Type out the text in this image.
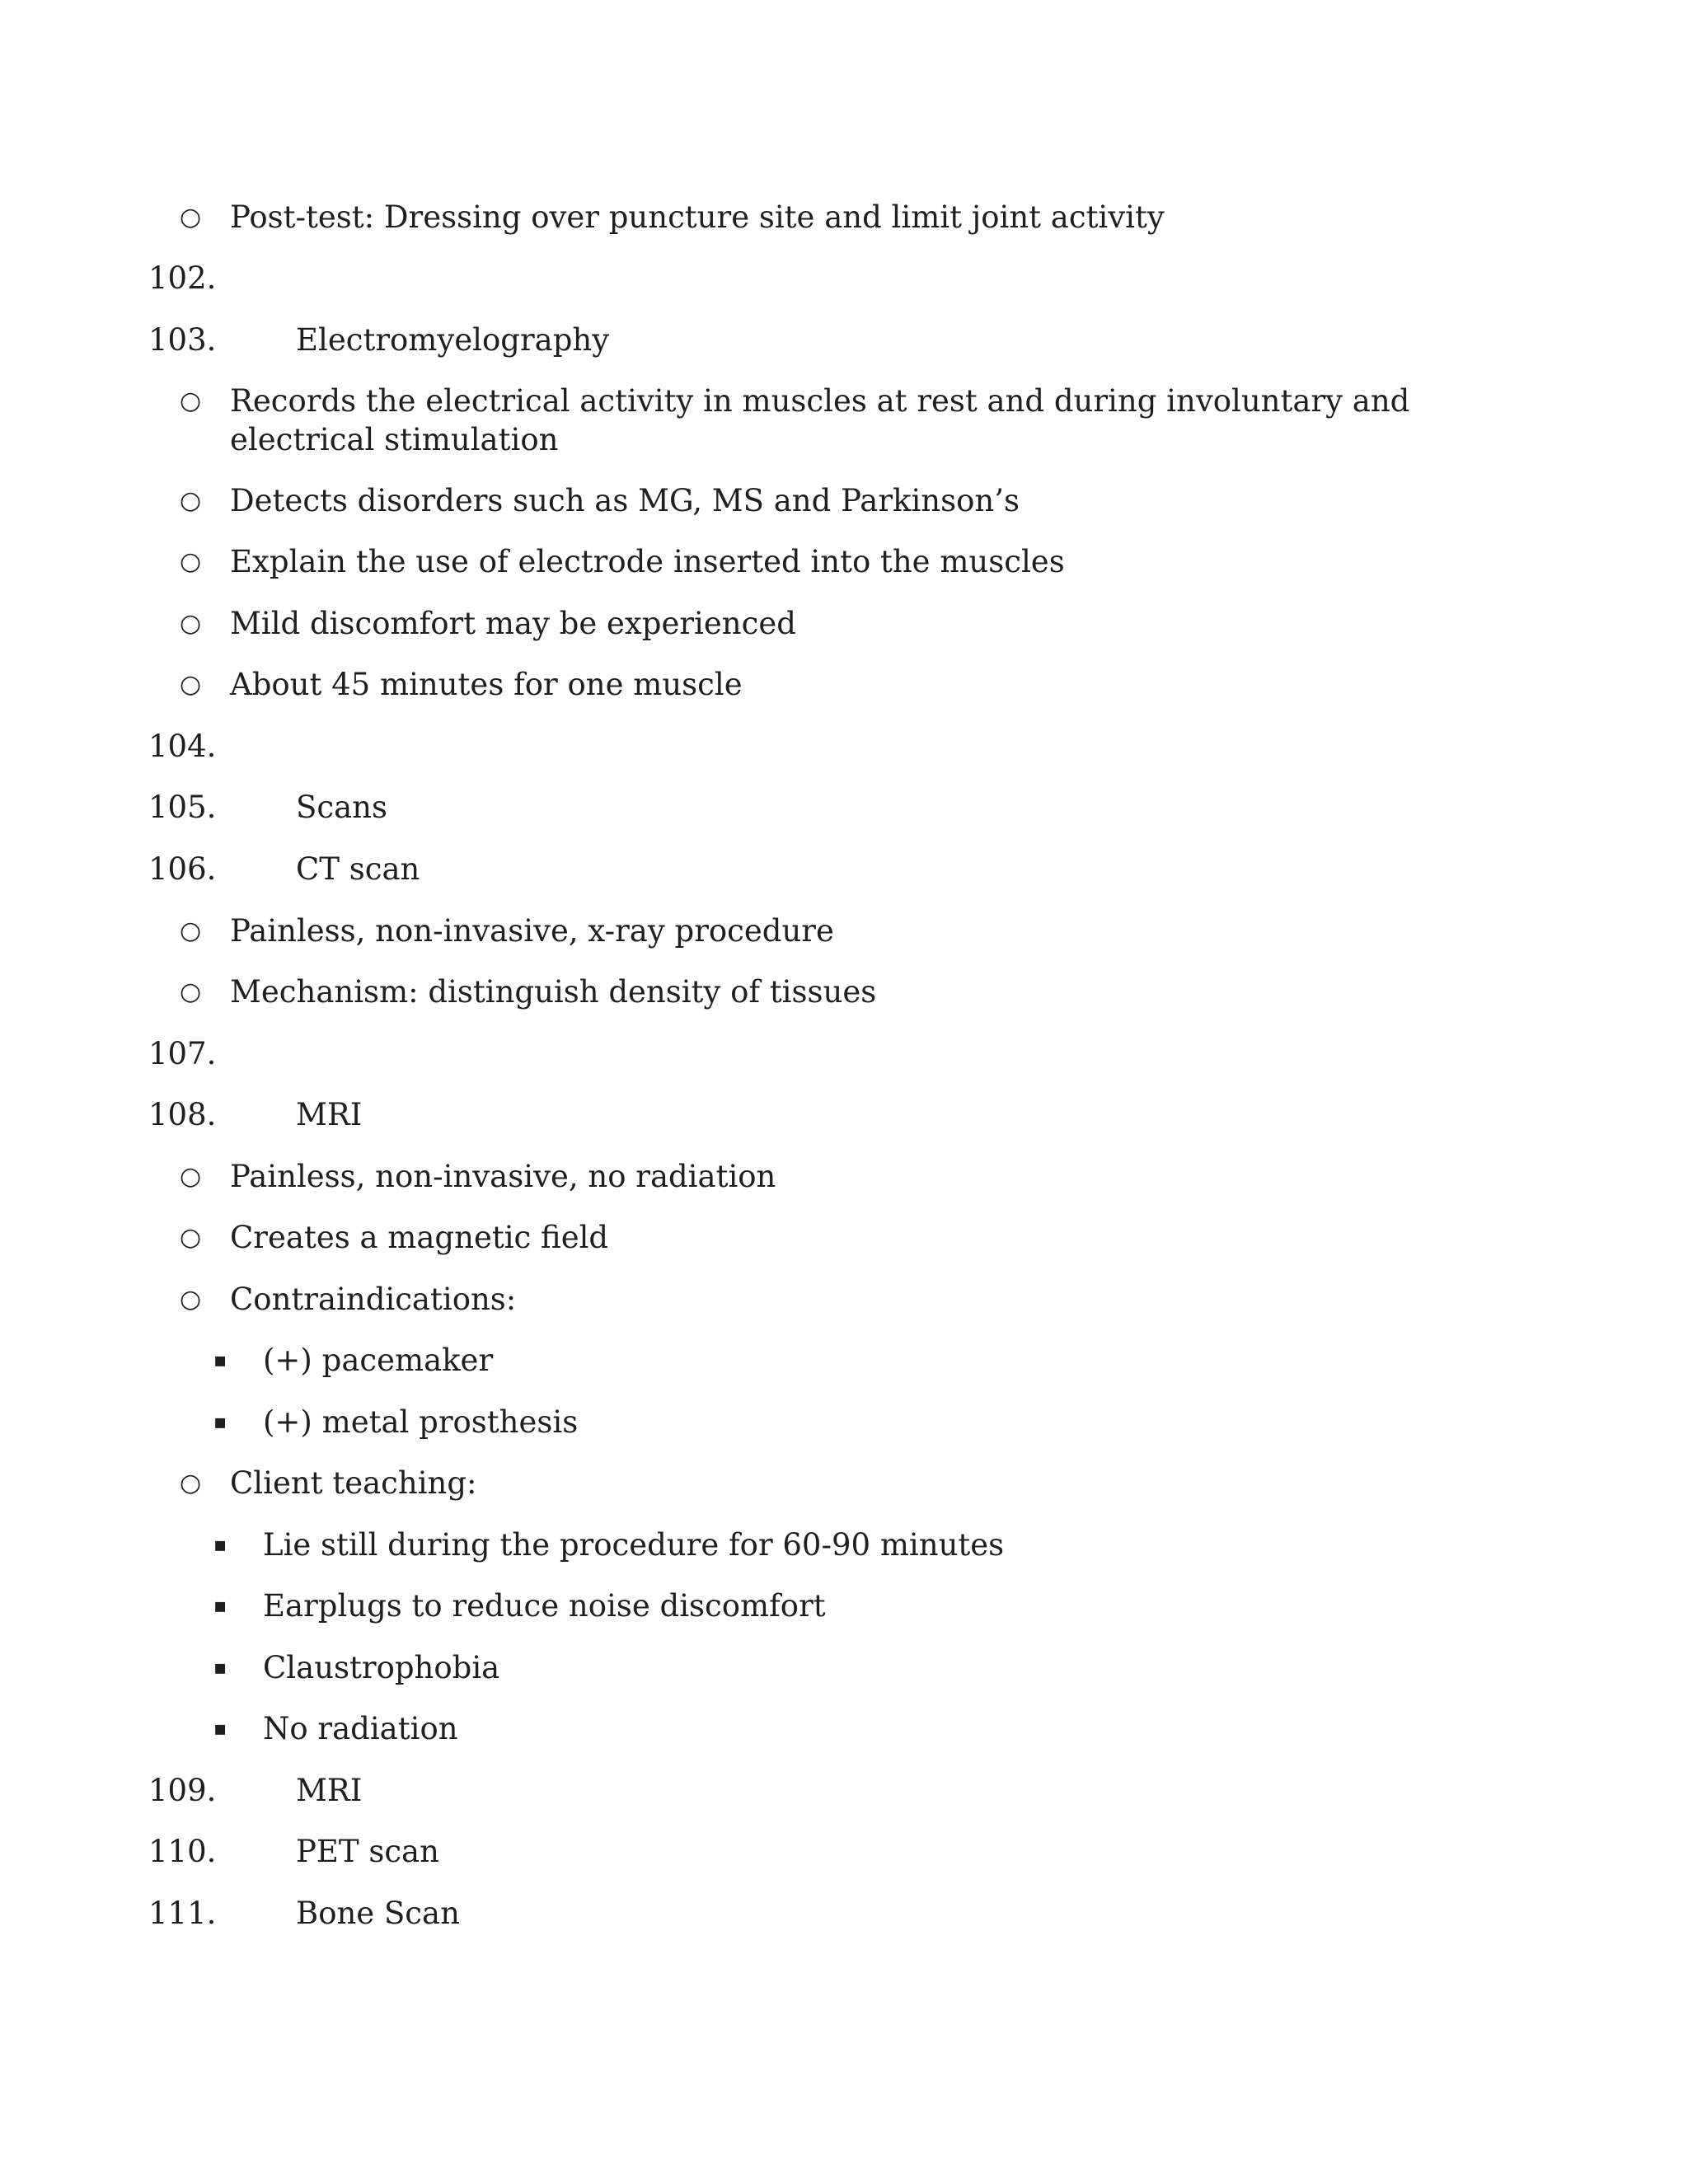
○ Post-test: Dressing over puncture site and limit joint activity
102.
103.	Electromyelography
○ Records the electrical activity in muscles at rest and during involuntary and electrical stimulation
○ Detects disorders such as MG, MS and Parkinson’s
○ Explain the use of electrode inserted into the muscles
○ Mild discomfort may be experienced
○ About 45 minutes for one muscle
104.
105.	Scans
106.	CT scan
○ Painless, non-invasive, x-ray procedure
○ Mechanism: distinguish density of tissues
107.
108.	MRI
○ Painless, non-invasive, no radiation
○ Creates a magnetic field
○ Contraindications:
▪ (+) pacemaker
▪ (+) metal prosthesis
○ Client teaching:
▪ Lie still during the procedure for 60-90 minutes
▪ Earplugs to reduce noise discomfort
▪ Claustrophobia
▪ No radiation
109.	MRI
110.	PET scan
111.	Bone Scan
